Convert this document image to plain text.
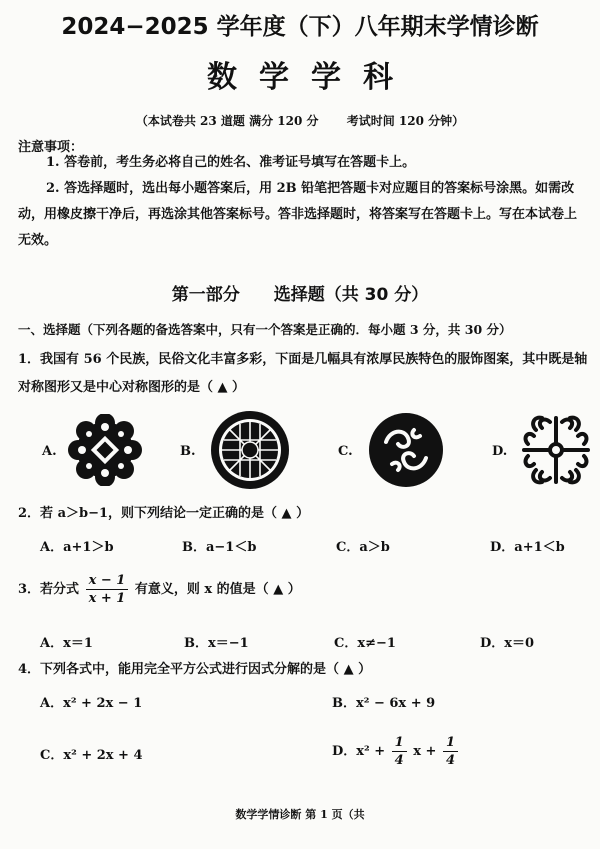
2024−2025 学年度（下）八年期末学情诊断
数学学科
（本试卷共 23 道题 满分 120 分 考试时间 120 分钟）
注意事项：
1. 答卷前，考生务必将自己的姓名、准考证号填写在答题卡上。
2. 答选择题时，选出每小题答案后，用 2B 铅笔把答题卡对应题目的答案标号涂黑。如需改动，用橡皮擦干净后，再选涂其他答案标号。答非选择题时，将答案写在答题卡上。写在本试卷上无效。
第一部分 选择题（共 30 分）
一、选择题（下列各题的备选答案中，只有一个答案是正确的．每小题 3 分，共 30 分）
1．我国有 56 个民族，民俗文化丰富多彩，下面是几幅具有浓厚民族特色的服饰图案，其中既是轴对称图形又是中心对称图形的是（ ▲ ）
A.	B.	C.	D.
2．若 a＞b−1，则下列结论一定正确的是（ ▲ ）
A．a+1＞b	B．a−1＜b	C．a＞b	D．a+1＜b
3．若分式 $\frac{x - 1}{x + 1}$ 有意义，则 x 的值是（ ▲ ）
A．x＝1	B．x＝−1	C．x≠−1	D．x＝0
4．下列各式中，能用完全平方公式进行因式分解的是（ ▲ ）
A．x² + 2x − 1	B．x² − 6x + 9
C．x² + 2x + 4	D．$x^2 + \frac{1}{4}$ $x + \frac{1}{4}$
数学学情诊断 第 1 页（共
